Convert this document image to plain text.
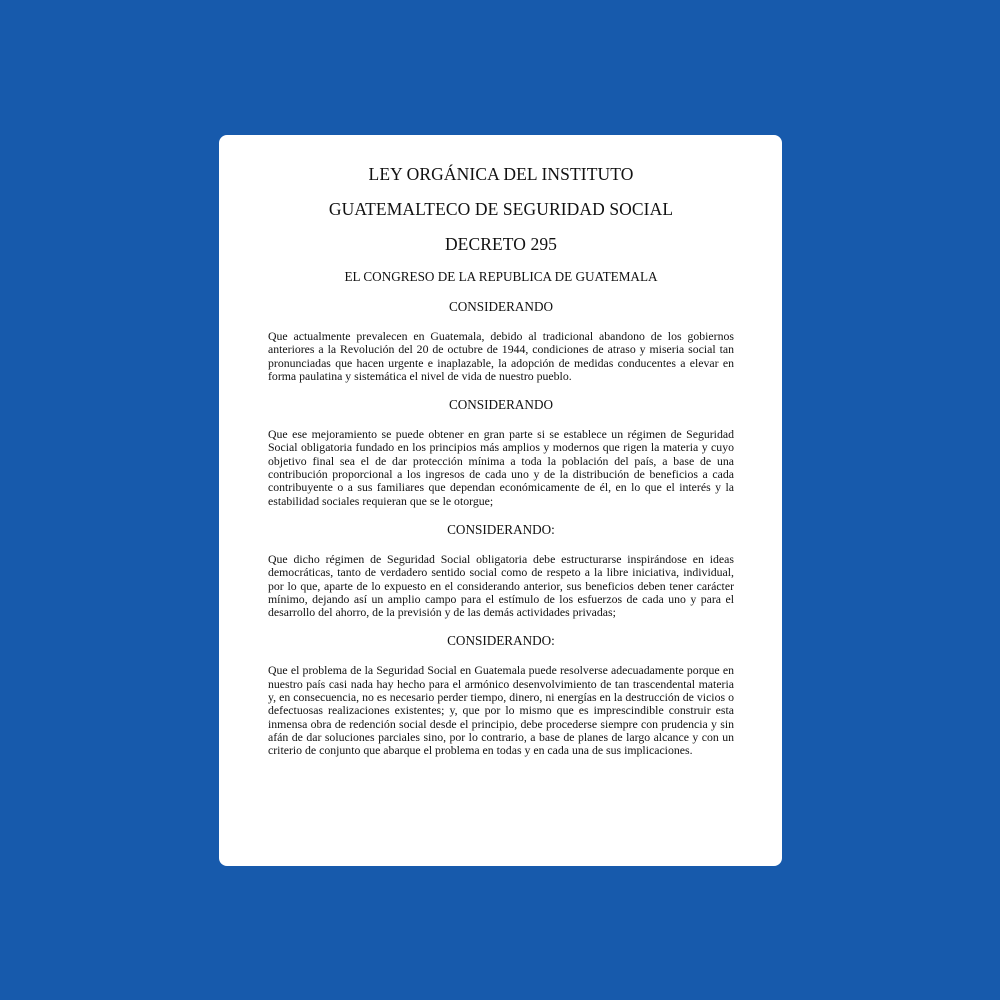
LEY ORGÁNICA DEL INSTITUTO
GUATEMALTECO DE SEGURIDAD SOCIAL
DECRETO 295

EL CONGRESO DE LA REPUBLICA DE GUATEMALA

CONSIDERANDO

Que actualmente prevalecen en Guatemala, debido al tradicional abandono de los gobiernos anteriores a la Revolución del 20 de octubre de 1944, condiciones de atraso y miseria social tan pronunciadas que hacen urgente e inaplazable, la adopción de medidas conducentes a elevar en forma paulatina y sistemática el nivel de vida de nuestro pueblo.

CONSIDERANDO

Que ese mejoramiento se puede obtener en gran parte si se establece un régimen de Seguridad Social obligatoria fundado en los principios más amplios y modernos que rigen la materia y cuyo objetivo final sea el de dar protección mínima a toda la población del país, a base de una contribución proporcional a los ingresos de cada uno y de la distribución de beneficios a cada contribuyente o a sus familiares que dependan económicamente de él, en lo que el interés y la estabilidad sociales requieran que se le otorgue;

CONSIDERANDO:

Que dicho régimen de Seguridad Social obligatoria debe estructurarse inspirándose en ideas democráticas, tanto de verdadero sentido social como de respeto a la libre iniciativa, individual, por lo que, aparte de lo expuesto en el considerando anterior, sus beneficios deben tener carácter mínimo, dejando así un amplio campo para el estímulo de los esfuerzos de cada uno y para el desarrollo del ahorro, de la previsión y de las demás actividades privadas;

CONSIDERANDO:

Que el problema de la Seguridad Social en Guatemala puede resolverse adecuadamente porque en nuestro país casi nada hay hecho para el armónico desenvolvimiento de tan trascendental materia y, en consecuencia, no es necesario perder tiempo, dinero, ni energías en la destrucción de vicios o defectuosas realizaciones existentes; y, que por lo mismo que es imprescindible construir esta inmensa obra de redención social desde el principio, debe procederse siempre con prudencia y sin afán de dar soluciones parciales sino, por lo contrario, a base de planes de largo alcance y con un criterio de conjunto que abarque el problema en todas y en cada una de sus implicaciones.
